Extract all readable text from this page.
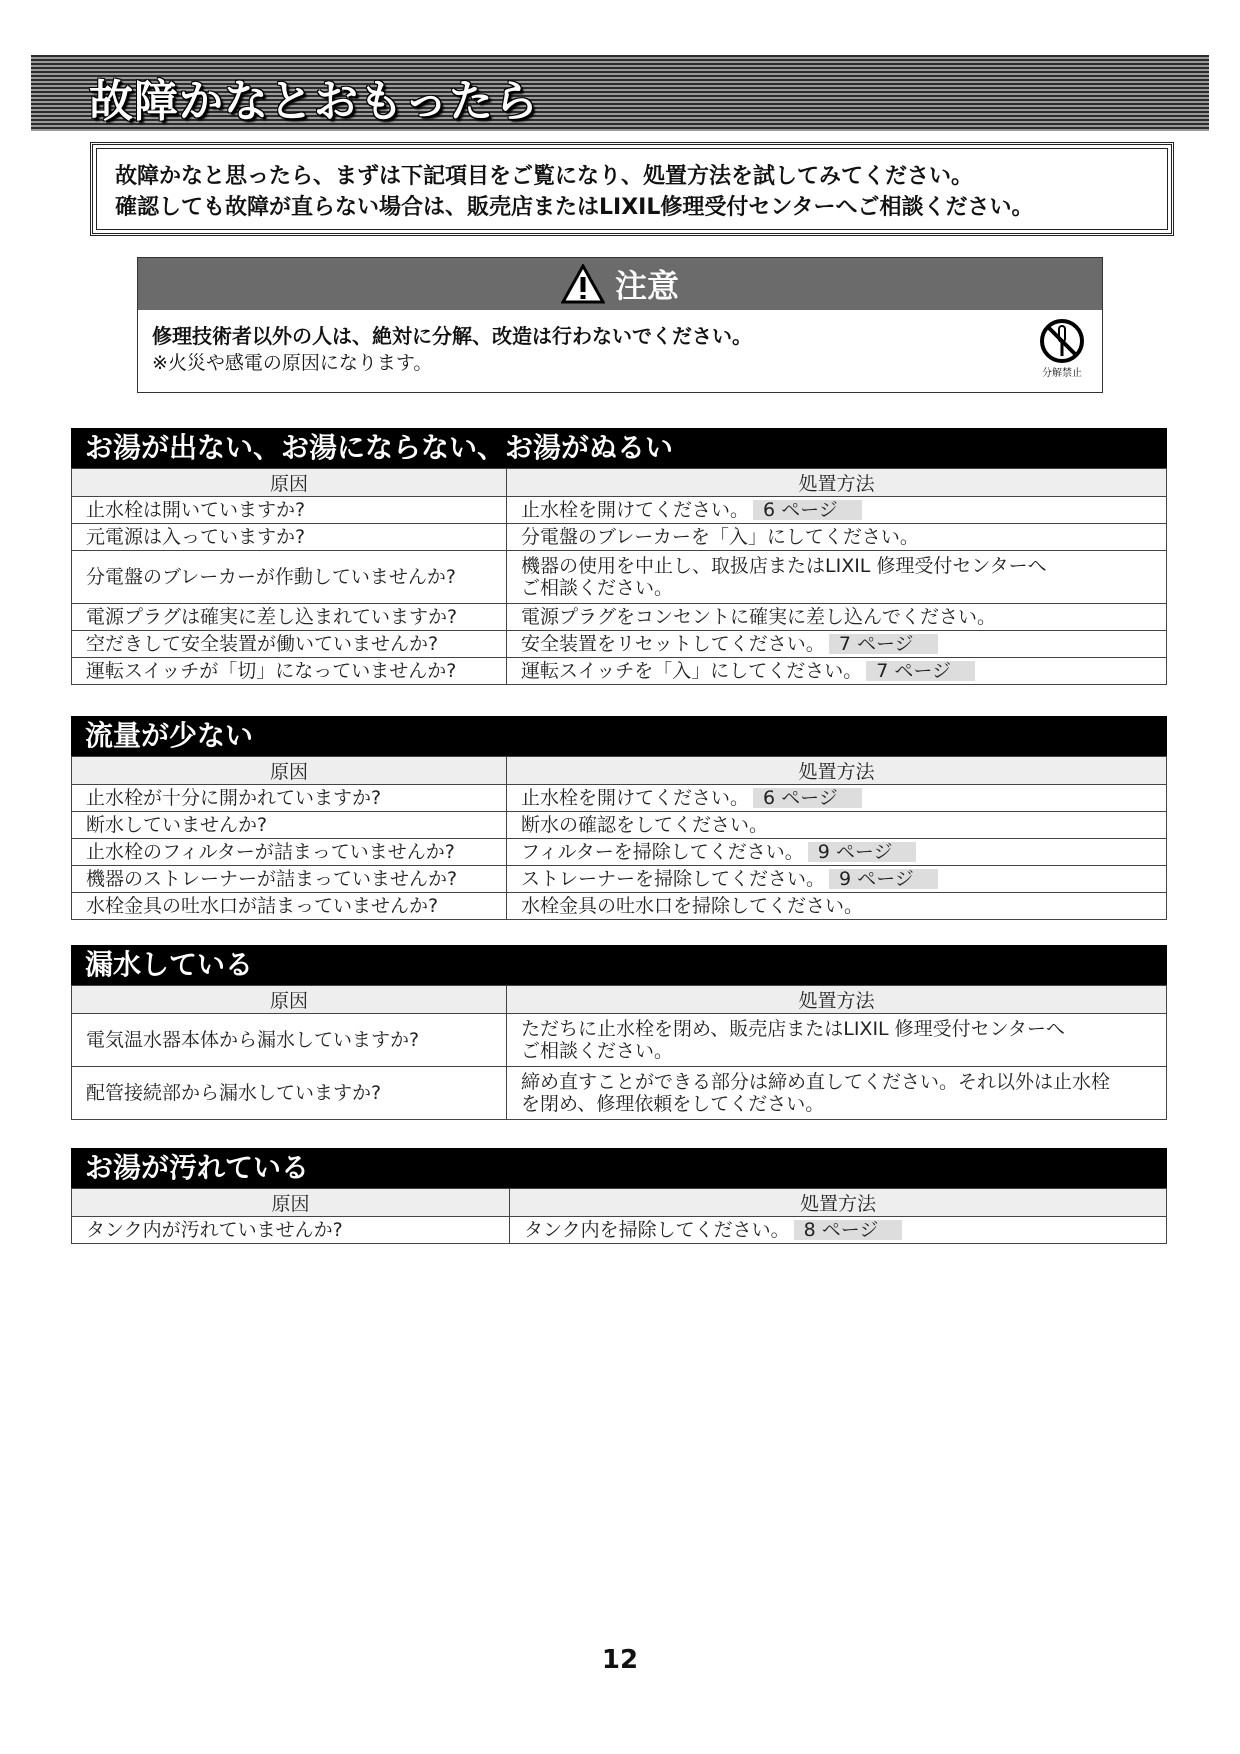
故障かなとおもったら
故障かなと思ったら、まずは下記項目をご覧になり、処置方法を試してみてください。
確認しても故障が直らない場合は、販売店またはLIXIL修理受付センターへご相談ください。
注意
修理技術者以外の人は、絶対に分解、改造は行わないでください。
※火災や感電の原因になります。	分解禁止
お湯が出ない、お湯にならない、お湯がぬるい
原因	処置方法
止水栓は開いていますか?	止水栓を開けてください。 6 ページ
元電源は入っていますか?	分電盤のブレーカーを「入」にしてください。
分電盤のブレーカーが作動していませんか?	機器の使用を中止し、取扱店またはLIXIL 修理受付センターへ
ご相談ください。

電源プラグは確実に差し込まれていますか?	電源プラグをコンセントに確実に差し込んでください。
空だきして安全装置が働いていませんか?	安全装置をリセットしてください。 7 ページ
運転スイッチが「切」になっていませんか?	運転スイッチを「入」にしてください。 7 ページ
流量が少ない
原因	処置方法
止水栓が十分に開かれていますか?	止水栓を開けてください。 6 ページ
断水していませんか?	断水の確認をしてください。
止水栓のフィルターが詰まっていませんか?	フィルターを掃除してください。 9 ページ
機器のストレーナーが詰まっていませんか?	ストレーナーを掃除してください。 9 ページ
水栓金具の吐水口が詰まっていませんか?	水栓金具の吐水口を掃除してください。
漏水している
原因	処置方法
電気温水器本体から漏水していますか?	ただちに止水栓を閉め、販売店またはLIXIL 修理受付センターへ
ご相談ください。

配管接続部から漏水していますか?	締め直すことができる部分は締め直してください。それ以外は止水栓
を閉め、修理依頼をしてください。
お湯が汚れている
原因	処置方法
タンク内が汚れていませんか?	タンク内を掃除してください。 8 ページ
12
